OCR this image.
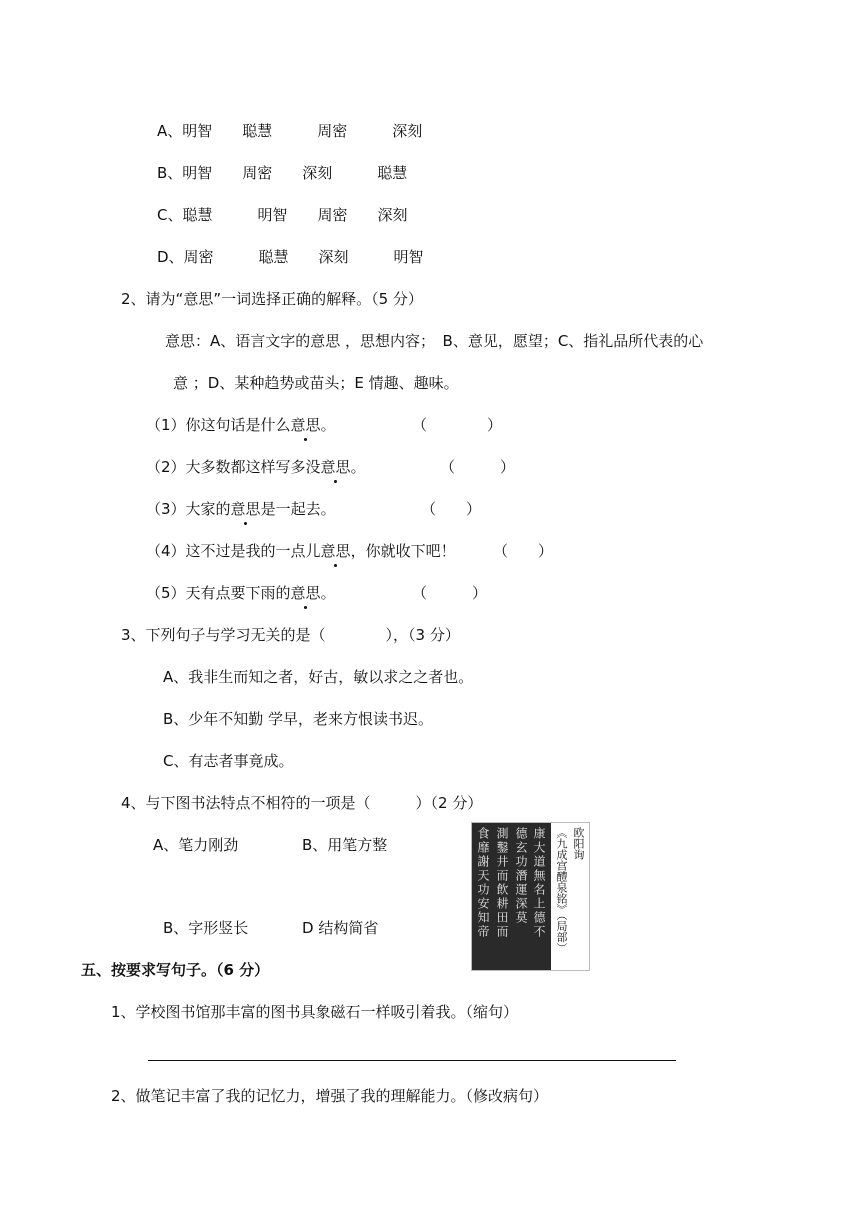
A、明智　　聪慧　　　周密　　　深刻
B、明智　　周密　　深刻　　　聪慧
C、聪慧　　　明智　　周密　　深刻
D、周密　　　聪慧　　深刻　　　明智
2、请为“意思”一词选择正确的解释。（5 分）
意思：A、语言文字的意思 ，思想内容；　B、意见，愿望；C、指礼品所代表的心
意 ；D、某种趋势或苗头；E 情趣、趣味。
（1）你这句话是什么意思。	（　　　　）
（2）大多数都这样写多没意思。	（　　　）
（3）大家的意思是一起去。	（　　）
（4）这不过是我的一点儿意思，你就收下吧！ （　　）
（5）天有点要下雨的意思。	（　　　）
3、下列句子与学习无关的是（　　　　），（3 分）
A、我非生而知之者，好古，敏以求之之者也。
B、少年不知勤 学早，老来方恨读书迟。
C、有志者事竟成。
4、与下图书法特点不相符的一项是（　　　）（2 分）
A、笔力刚劲	B、用笔方整
B、字形竖长	D 结构简省	康大道無名上德不
德玄功潛運深莫
測鑿井而飲耕田而
食靡謝天功安知帝	欧阳询
《九成宫醴泉铭》（局部）
五、按要求写句子。（6 分）
1、学校图书馆那丰富的图书具象磁石一样吸引着我。（缩句）
2、做笔记丰富了我的记忆力，增强了我的理解能力。（修改病句）
